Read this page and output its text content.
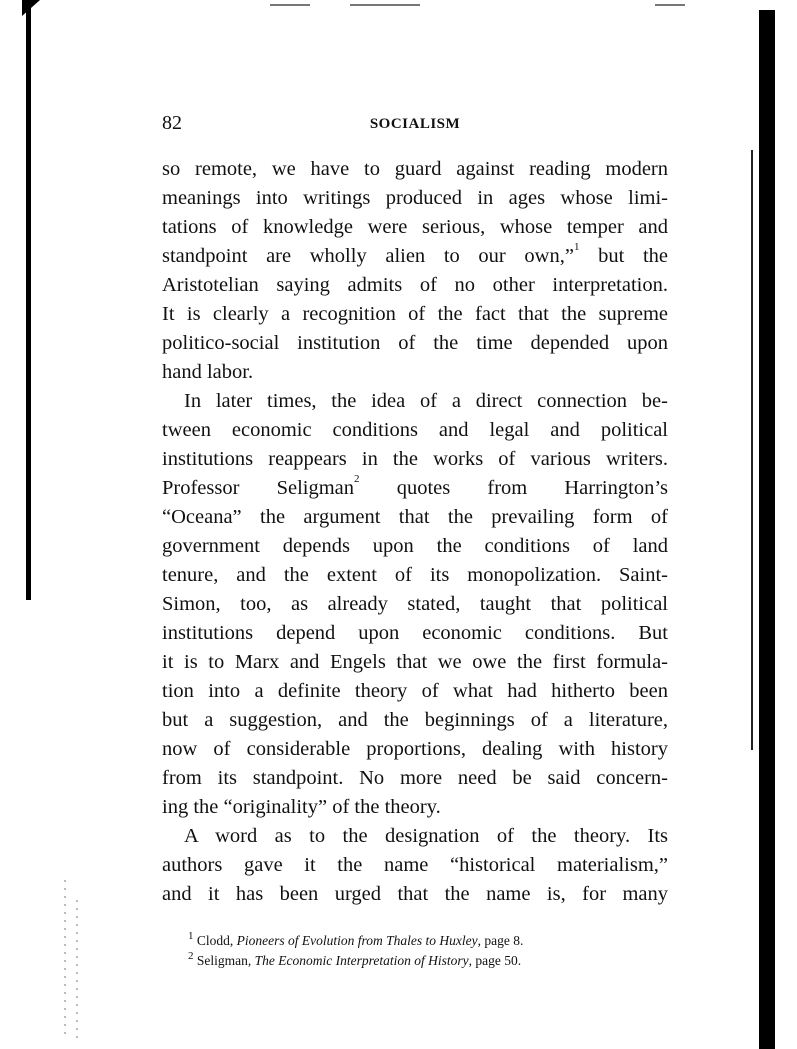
82	SOCIALISM
so remote, we have to guard against reading modern
meanings into writings produced in ages whose limi-
tations of knowledge were serious, whose temper and
standpoint are wholly alien to our own,”$^1$ but the
Aristotelian saying admits of no other interpretation.
It is clearly a recognition of the fact that the supreme
politico-social institution of the time depended upon
hand labor.
In later times, the idea of a direct connection be-
tween economic conditions and legal and political
institutions reappears in the works of various writers.
Professor Seligman$^2$ quotes from Harrington’s
“Oceana” the argument that the prevailing form of
government depends upon the conditions of land
tenure, and the extent of its monopolization. Saint-
Simon, too, as already stated, taught that political
institutions depend upon economic conditions. But
it is to Marx and Engels that we owe the first formula-
tion into a definite theory of what had hitherto been
but a suggestion, and the beginnings of a literature,
now of considerable proportions, dealing with history
from its standpoint. No more need be said concern-
ing the “originality” of the theory.
A word as to the designation of the theory. Its
authors gave it the name “historical materialism,”
and it has been urged that the name is, for many
$^1$ Clodd, Pioneers of Evolution from Thales to Huxley, page 8.
$^2$ Seligman, The Economic Interpretation of History, page 50.
